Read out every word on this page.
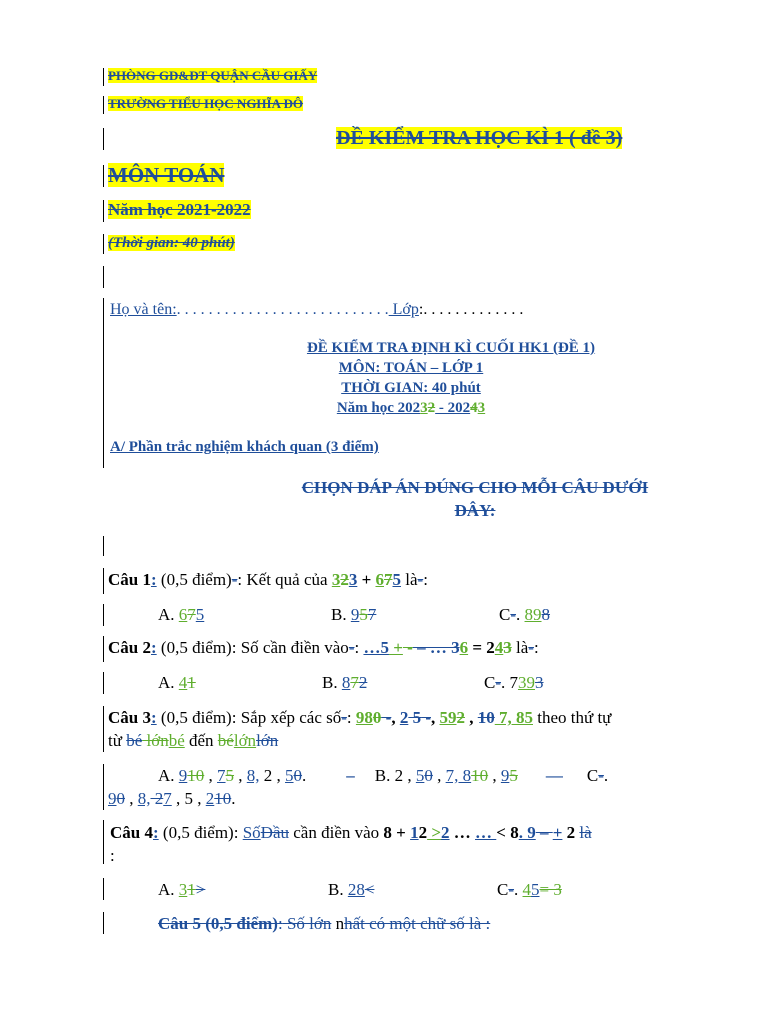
PHÒNG GD&ĐT QUẬN CẦU GIẤY
TRƯỜNG TIỂU HỌC NGHĨA ĐÔ
ĐỀ KIỂM TRA HỌC KÌ 1 ( đề 3)
MÔN TOÁN
Năm học 2021-2022
(Thời gian: 40 phút)
Họ và tên:. . . . . . . . . . . . . . . . . . . . . . . . . . . Lớp:. . . . . . . . . . . . .
ĐỀ KIỂM TRA ĐỊNH KÌ CUỐI HK1 (ĐỀ 1)
MÔN: TOÁN – LỚP 1
THỜI GIAN: 40 phút
Năm học 20232 - 20243
A/ Phần trắc nghiệm khách quan (3 điểm)
CHỌN ĐÁP ÁN ĐÚNG CHO MỖI CÂU DƯỚI
ĐÂY:
Câu 1: (0,5 điểm)-: Kết quả của 323 + 675 là-:
A. 675	B. 957	C-. 898
Câu 2: (0,5 điểm): Số cần điền vào-: …5 + - – … 36 = 243 là-:
A. 41	B. 872	C-. 7393
Câu 3: (0,5 điểm): Sắp xếp các số-: 980 -, 2 5 -, 592 , 10 7, 85 theo thứ tự
từ bé lớnbé đến bélớnlớn
A. 910 , 75 , 8, 2 , 50. – B. 2 , 50 , 7, 810 , 95 — C-.
90 , 8, 27 , 5 , 210.
Câu 4: (0,5 điểm): SốĐầu cần điền vào 8 + 12 >2 … … < 8. 9 – + 2 là
:
A. 31>	B. 28<	C-. 45= 3
Câu 5 (0,5 điểm): Số lớn nhất có một chữ số là :
